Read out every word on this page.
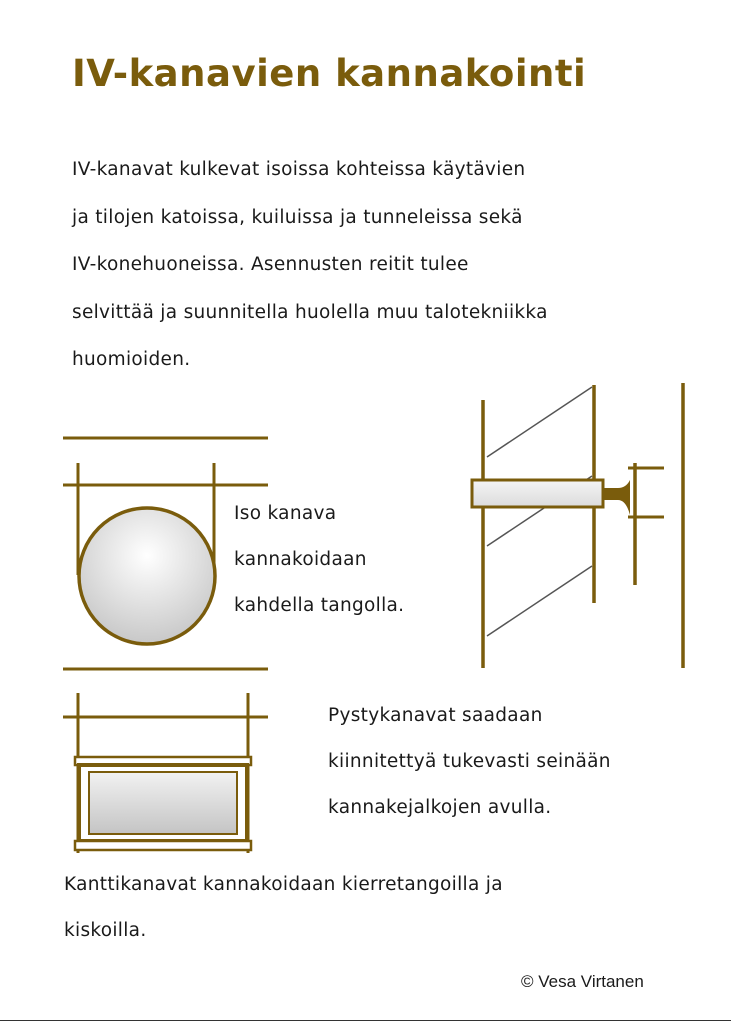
IV-kanavien kannakointi
IV-kanavat kulkevat isoissa kohteissa käytävien
ja tilojen katoissa, kuiluissa ja tunneleissa sekä
IV-konehuoneissa. Asennusten reitit tulee
selvittää ja suunnitella huolella muu talotekniikka
huomioiden.
Iso kanava
kannakoidaan
kahdella tangolla.
Pystykanavat saadaan
kiinnitettyä tukevasti seinään
kannakejalkojen avulla.
Kanttikanavat kannakoidaan kierretangoilla ja
kiskoilla.
© Vesa Virtanen
